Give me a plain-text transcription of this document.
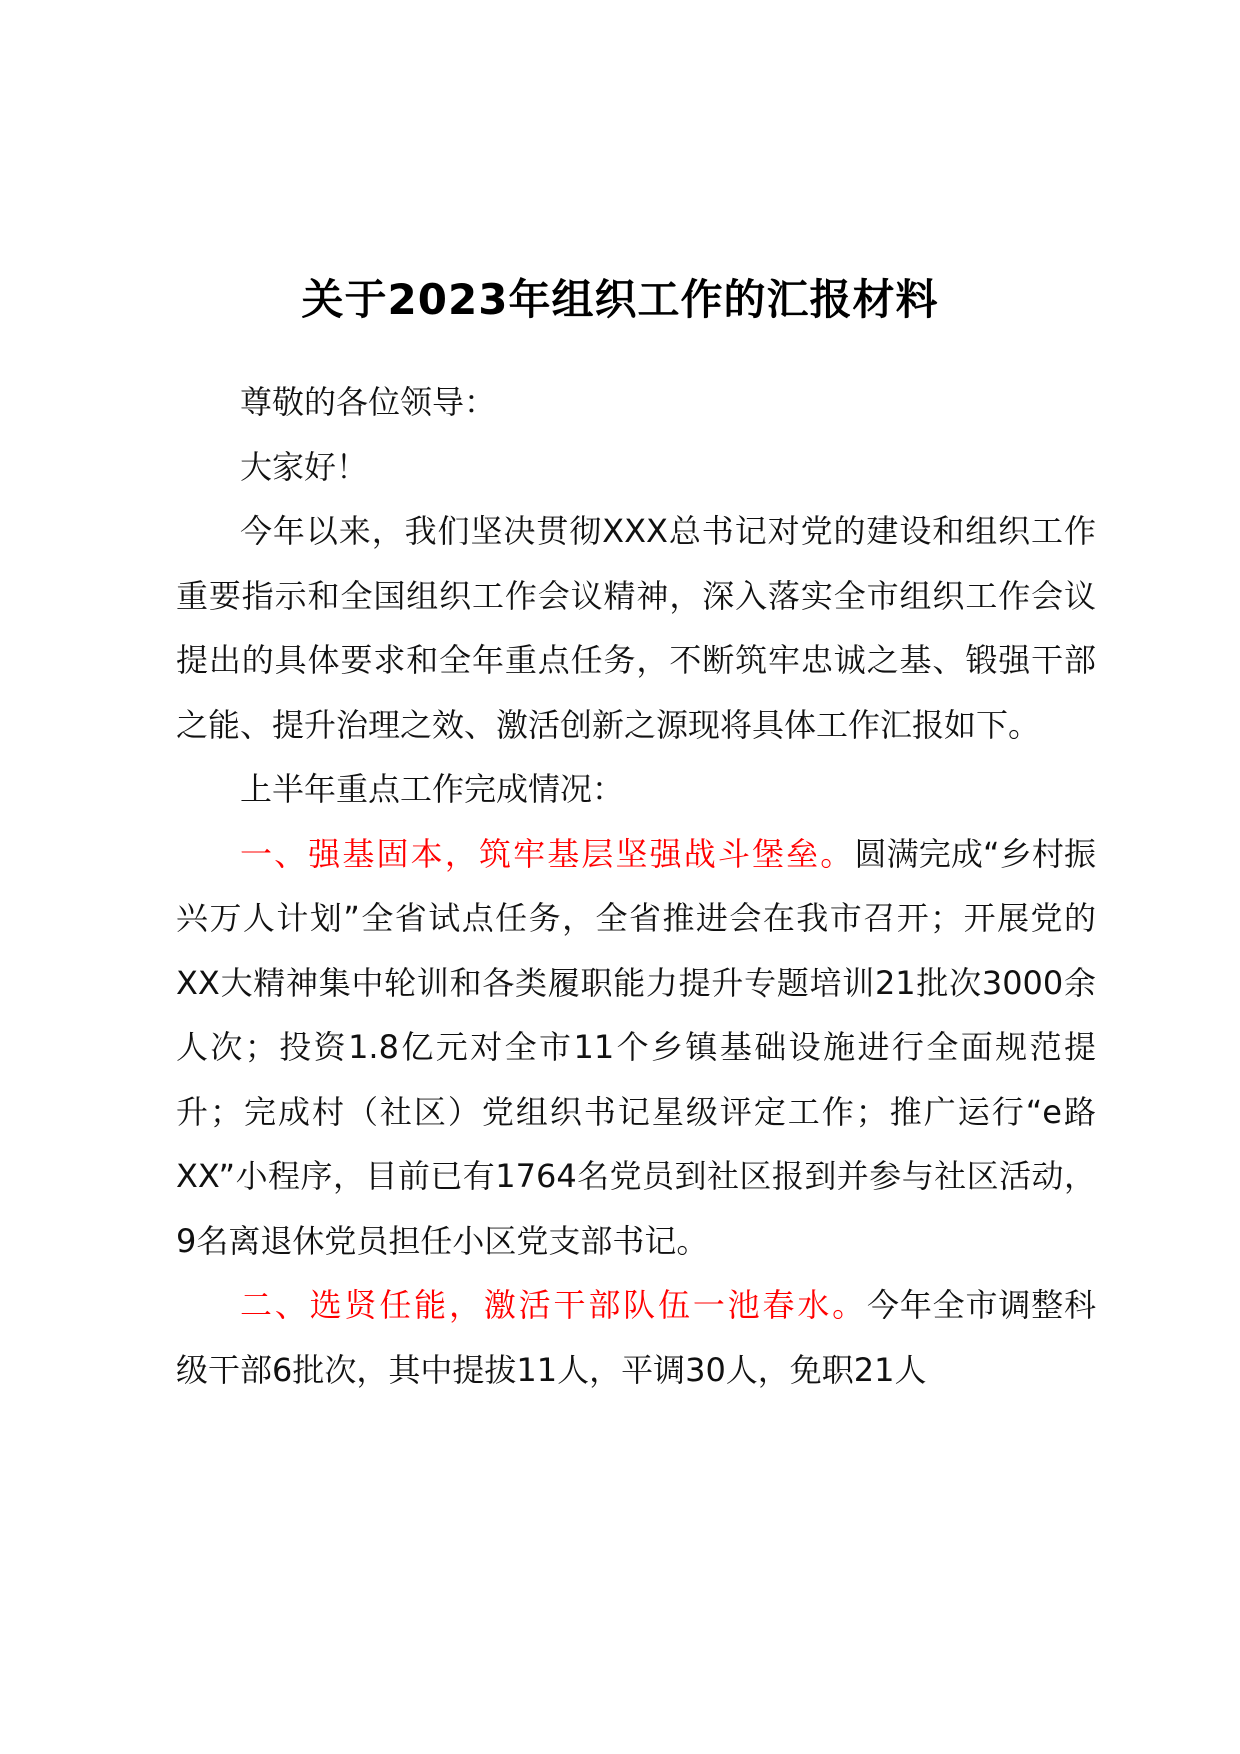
关于2023年组织工作的汇报材料

尊敬的各位领导：

大家好！

今年以来，我们坚决贯彻XXX总书记对党的建设和组织工作重要指示和全国组织工作会议精神，深入落实全市组织工作会议提出的具体要求和全年重点任务，不断筑牢忠诚之基、锻强干部之能、提升治理之效、激活创新之源现将具体工作汇报如下。

上半年重点工作完成情况：

一、强基固本，筑牢基层坚强战斗堡垒。圆满完成“乡村振兴万人计划”全省试点任务，全省推进会在我市召开；开展党的XX大精神集中轮训和各类履职能力提升专题培训21批次3000余人次；投资1.8亿元对全市11个乡镇基础设施进行全面规范提升；完成村（社区）党组织书记星级评定工作；推广运行“e路XX”小程序，目前已有1764名党员到社区报到并参与社区活动，9名离退休党员担任小区党支部书记。

二、选贤任能，激活干部队伍一池春水。今年全市调整科级干部6批次，其中提拔11人，平调30人，免职21人
